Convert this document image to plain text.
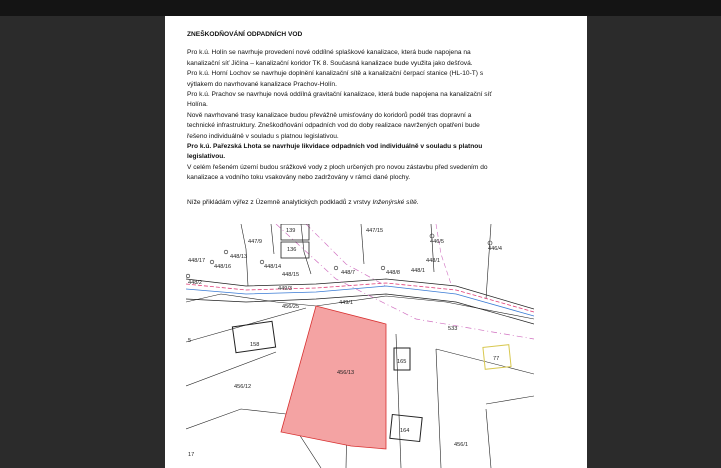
ZNEŠKODŇOVÁNÍ ODPADNÍCH VOD

Pro k.ú. Holín se navrhuje provedení nové oddílné splaškové kanalizace, která bude napojena na

kanalizační síť Jičína – kanalizační koridor TK 8. Současná kanalizace bude využita jako dešťová.

Pro k.ú. Horní Lochov se navrhuje doplnění kanalizační sítě a kanalizační čerpací stanice (HL-10-T) s

výtlakem do navrhované kanalizace Prachov-Holín.

Pro k.ú. Prachov se navrhuje nová oddílná gravitační kanalizace, která bude napojena na kanalizační síť

Holína.

Nově navrhované trasy kanalizace budou převážně umisťovány do koridorů podél tras dopravní a

technické infrastruktury. Zneškodňování odpadních vod do doby realizace navržených opatření bude

řešeno individuálně v souladu s platnou legislativou.

Pro k.ú. Pařezská Lhota se navrhuje likvidace odpadních vod individuálně v souladu s platnou

legislativou.

V celém řešeném území budou srážkové vody z ploch určených pro novou zástavbu před svedením do

kanalizace a vodního toku vsakovány nebo zadržovány v rámci dané plochy.

Níže přikládám výřez z Územně analytických podkladů z vrstvy Inženýrské sítě.

139
447/9
136
447/15
446/5
446/4
448/17
448/13
448/16	448/14
448/15	448/7	448/8
448/2
449/3
449/1
456/25
533
158
165	77
456/13
456/12
164
456/1
5
17
448/1
448/1
